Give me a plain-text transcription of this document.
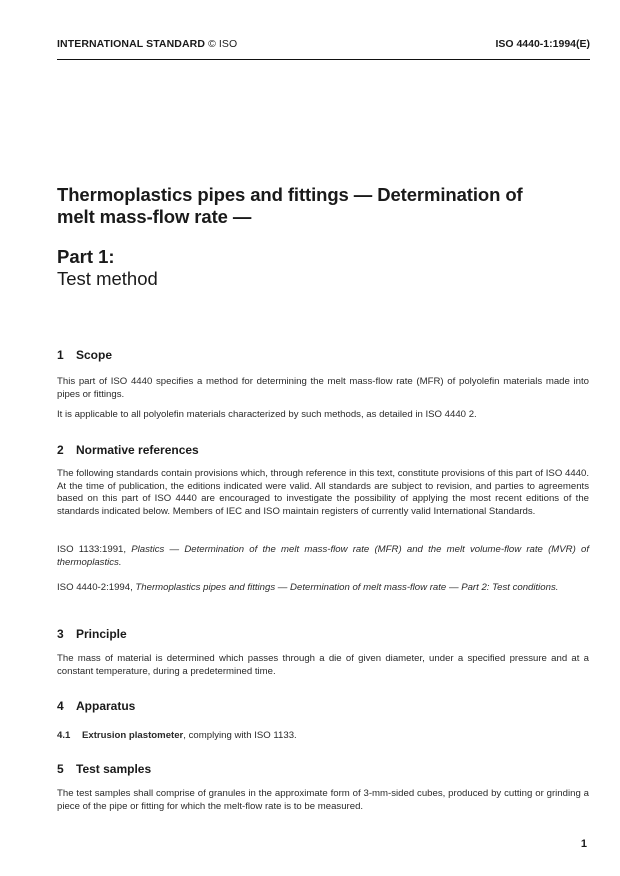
INTERNATIONAL STANDARD © ISO	ISO 4440-1:1994(E)
Thermoplastics pipes and fittings — Determination of
melt mass-flow rate —
Part 1:
Test method
1 Scope

This part of ISO 4440 specifies a method for determining the melt mass-flow rate (MFR) of polyolefin materials made into pipes or fittings.

It is applicable to all polyolefin materials characterized by such methods, as detailed in ISO 4440 2.

2 Normative references

The following standards contain provisions which, through reference in this text, constitute provisions of this part of ISO 4440. At the time of publication, the editions indicated were valid. All standards are subject to revision, and parties to agreements based on this part of ISO 4440 are encouraged to investigate the possibility of applying the most recent editions of the standards indicated below. Members of IEC and ISO maintain registers of currently valid International Standards.

ISO 1133:1991, Plastics — Determination of the melt mass-flow rate (MFR) and the melt volume-flow rate (MVR) of thermoplastics.

ISO 4440-2:1994, Thermoplastics pipes and fittings — Determination of melt mass-flow rate — Part 2: Test conditions.

3 Principle

The mass of material is determined which passes through a die of given diameter, under a specified pressure and at a constant temperature, during a predetermined time.

4 Apparatus

4.1 Extrusion plastometer, complying with ISO 1133.

5 Test samples

The test samples shall comprise of granules in the approximate form of 3-mm-sided cubes, produced by cutting or grinding a piece of the pipe or fitting for which the melt-flow rate is to be measured.

1
